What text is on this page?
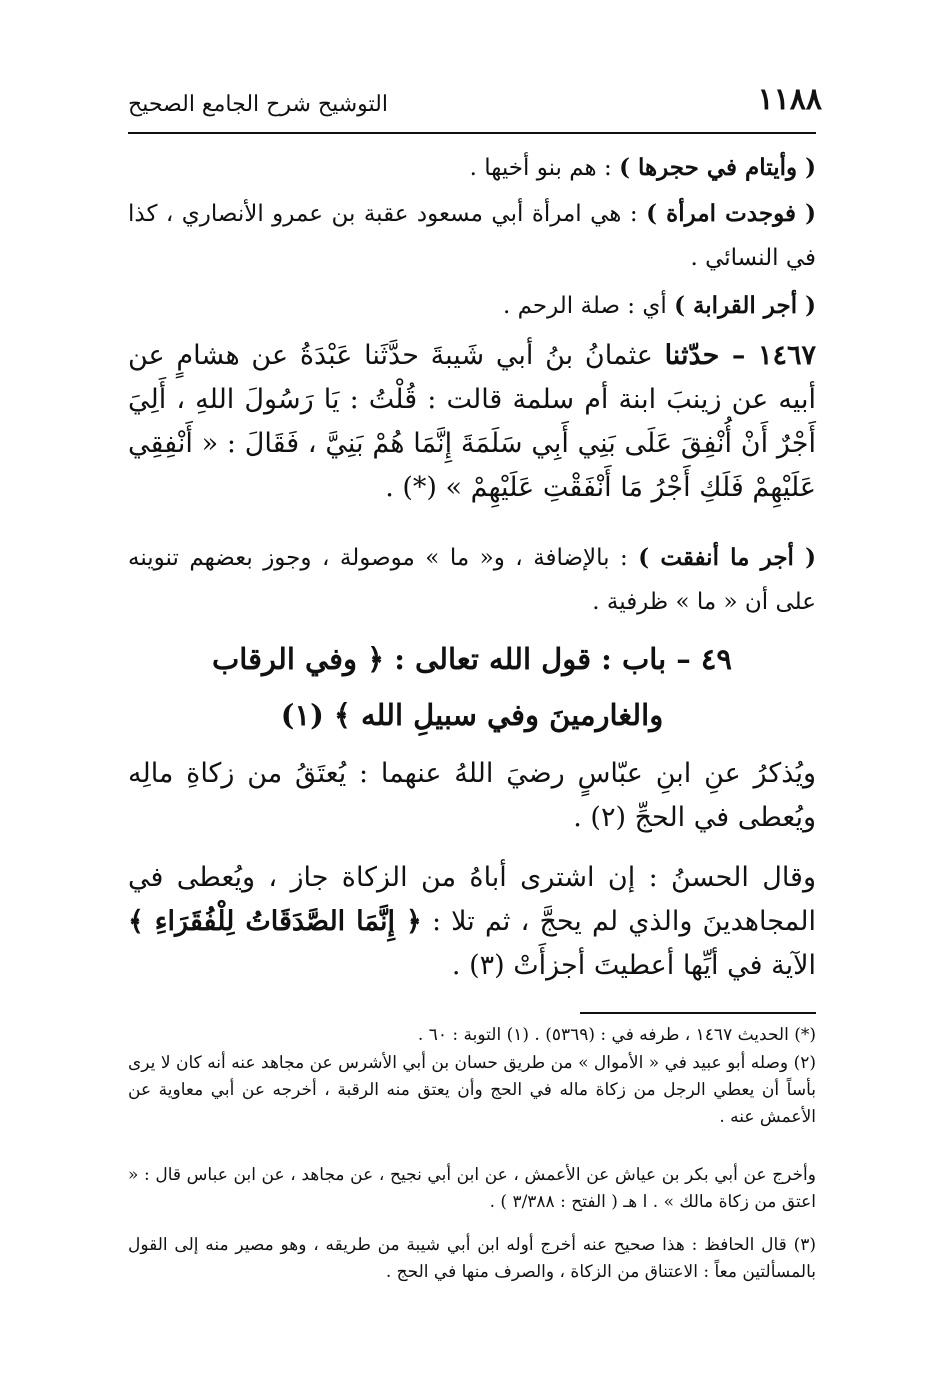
١١٨٨
التوشيح شرح الجامع الصحيح
( وأيتام في حجرها ) : هم بنو أخيها .
( فوجدت امرأة ) : هي امرأة أبي مسعود عقبة بن عمرو الأنصاري ، كذا في النسائي .
( أجر القرابة ) أي : صلة الرحم .
١٤٦٧ – حدّثنا عثمانُ بنُ أبي شَيبةَ حدَّثَنا عَبْدَةُ عن هشامٍ عن أبيه عن زينبَ ابنة أم سلمة قالت : قُلْتُ : يَا رَسُولَ اللهِ ، أَلِيَ أَجْرٌ أَنْ أُنْفِقَ عَلَى بَنِي أَبِي سَلَمَةَ إِنَّمَا هُمْ بَنِيَّ ، فَقَالَ : « أَنْفِقِي عَلَيْهِمْ فَلَكِ أَجْرُ مَا أَنْفَقْتِ عَلَيْهِمْ » (*) .
( أجر ما أنفقت ) : بالإضافة ، و« ما » موصولة ، وجوز بعضهم تنوينه على أن « ما » ظرفية .
٤٩ – باب : قول الله تعالى : ﴿ وفي الرقاب
والغارمينَ وفي سبيلِ الله ﴾ (١)
ويُذكرُ عنِ ابنِ عبّاسٍ رضيَ اللهُ عنهما : يُعتَقُ من زكاةِ مالِه ويُعطى في الحجِّ (٢) .
وقال الحسنُ : إن اشترى أباهُ من الزكاة جاز ، ويُعطى في المجاهدينَ والذي لم يحجَّ ، ثم تلا : ﴿ إِنَّمَا الصَّدَقَاتُ لِلْفُقَرَاءِ ﴾ الآية في أيِّها أعطيتَ أجزأَتْ (٣) .
(*) الحديث ١٤٦٧ ، طرفه في : (٥٣٦٩) . (١) التوبة : ٦٠ .
(٢) وصله أبو عبيد في « الأموال » من طريق حسان بن أبي الأشرس عن مجاهد عنه أنه كان لا يرى بأساً أن يعطي الرجل من زكاة ماله في الحج وأن يعتق منه الرقبة ، أخرجه عن أبي معاوية عن الأعمش عنه .
وأخرج عن أبي بكر بن عياش عن الأعمش ، عن ابن أبي نجيح ، عن مجاهد ، عن ابن عباس قال : « اعتق من زكاة مالك » . ا هـ ( الفتح : ٣/٣٨٨ ) .
(٣) قال الحافظ : هذا صحيح عنه أخرج أوله ابن أبي شيبة من طريقه ، وهو مصير منه إلى القول بالمسألتين معاً : الاعتناق من الزكاة ، والصرف منها في الحج .
